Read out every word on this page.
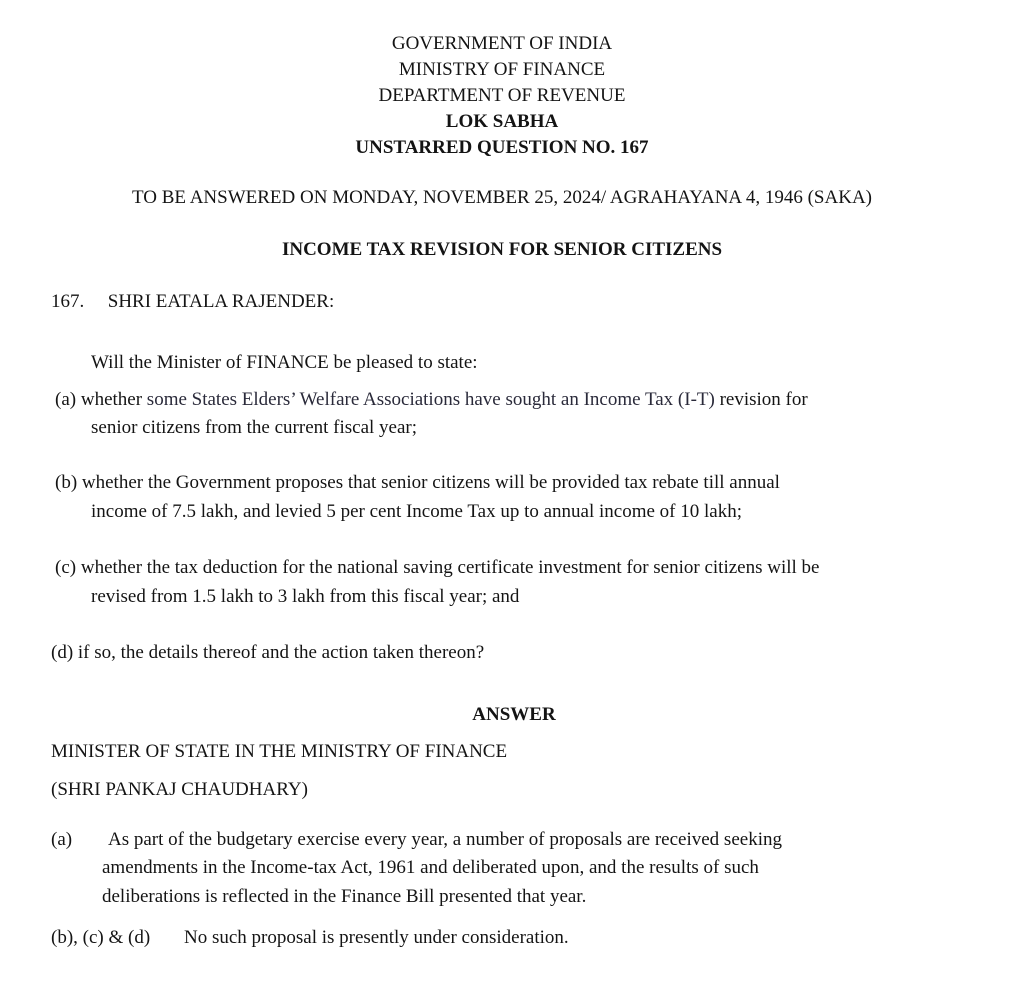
GOVERNMENT OF INDIA
MINISTRY OF FINANCE
DEPARTMENT OF REVENUE
LOK SABHA
UNSTARRED QUESTION NO. 167
TO BE ANSWERED ON MONDAY, NOVEMBER 25, 2024/ AGRAHAYANA 4, 1946 (SAKA)
INCOME TAX REVISION FOR SENIOR CITIZENS
167. SHRI EATALA RAJENDER:
Will the Minister of FINANCE be pleased to state:
(a) whether some States Elders’ Welfare Associations have sought an Income Tax (I-T) revision for
senior citizens from the current fiscal year;
(b) whether the Government proposes that senior citizens will be provided tax rebate till annual
income of 7.5 lakh, and levied 5 per cent Income Tax up to annual income of 10 lakh;
(c) whether the tax deduction for the national saving certificate investment for senior citizens will be
revised from 1.5 lakh to 3 lakh from this fiscal year; and
(d) if so, the details thereof and the action taken thereon?
ANSWER
MINISTER OF STATE IN THE MINISTRY OF FINANCE
(SHRI PANKAJ CHAUDHARY)
(a) As part of the budgetary exercise every year, a number of proposals are received seeking
amendments in the Income-tax Act, 1961 and deliberated upon, and the results of such
deliberations is reflected in the Finance Bill presented that year.
(b), (c) & (d) No such proposal is presently under consideration.
